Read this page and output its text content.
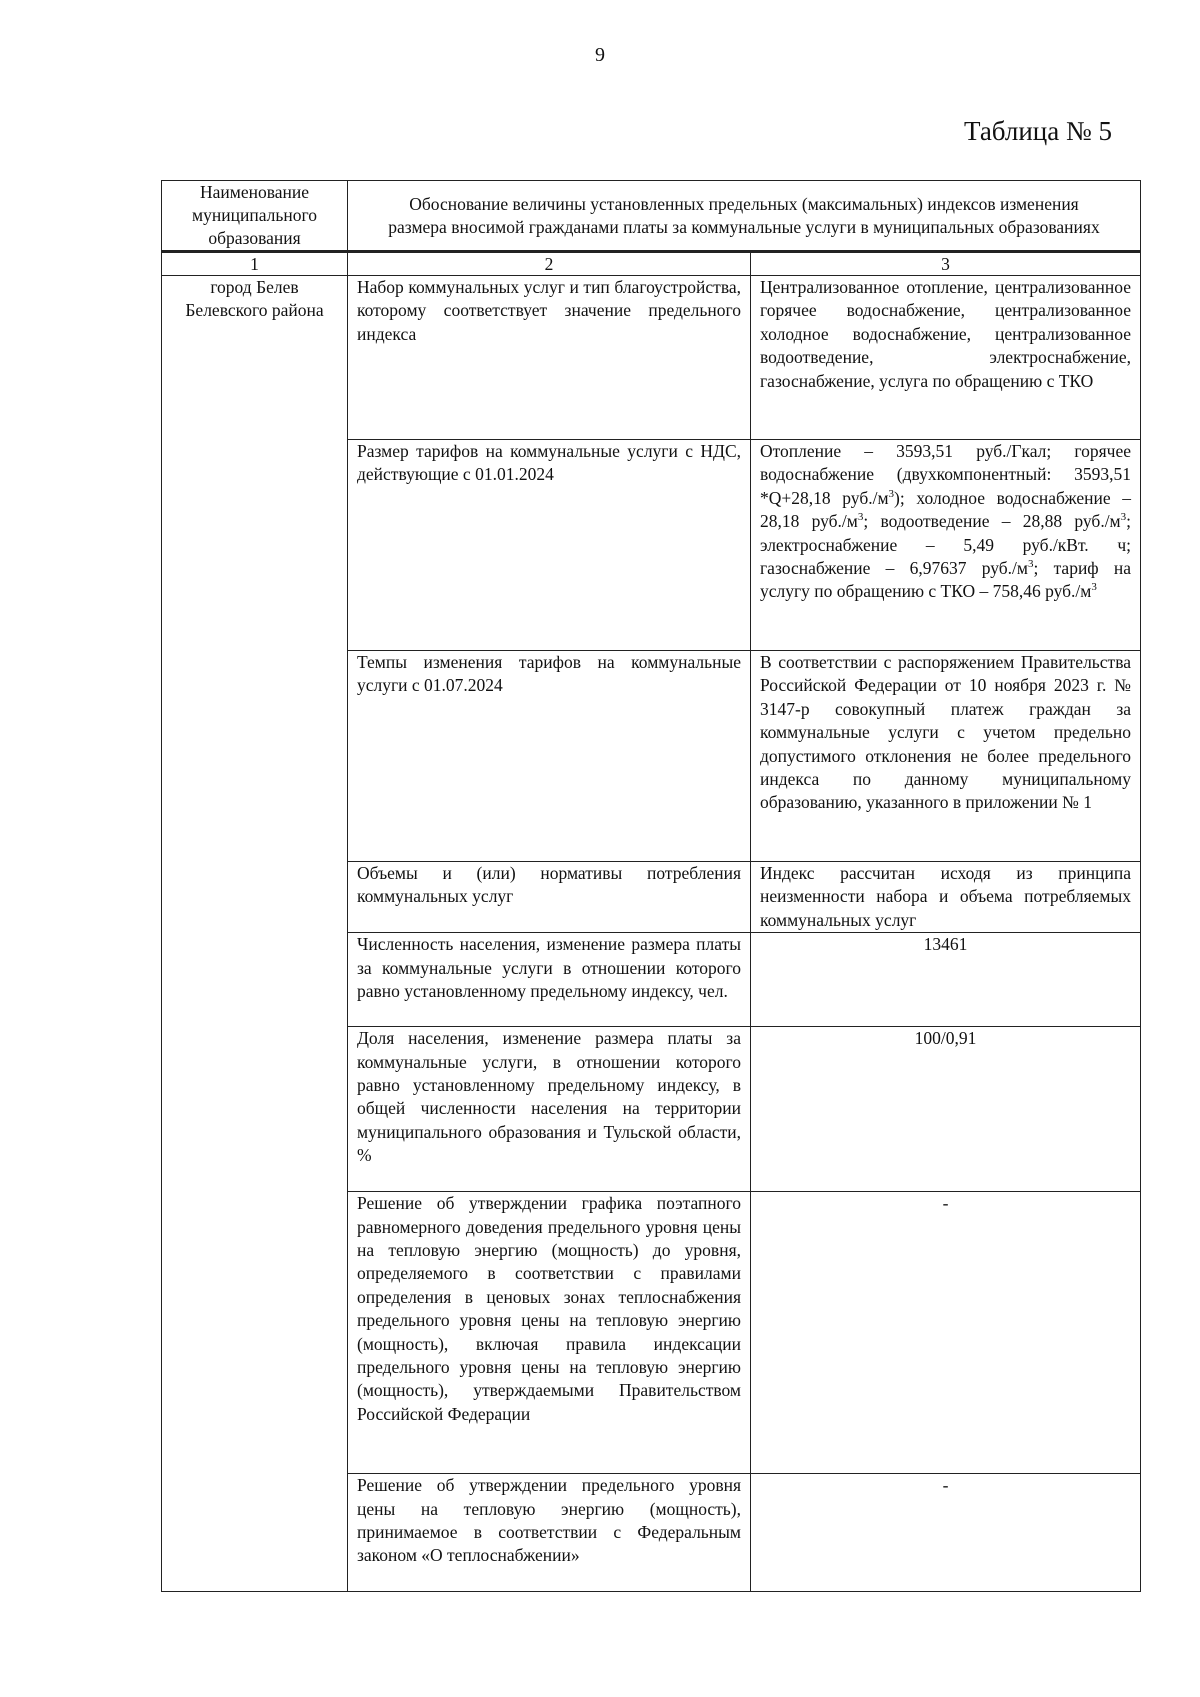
9
Таблица № 5
Наименование муниципального образования	Обоснование величины установленных предельных (максимальных) индексов изменения размера вносимой гражданами платы за коммунальные услуги в муниципальных образованиях	
1	2	3
город Белев Белевского района	Набор коммунальных услуг и тип благоустройства, которому соответствует значение предельного индекса	Централизованное отопление, централизованное горячее водоснабжение, централизованное холодное водоснабжение, централизованное водоотведение, электроснабжение, газоснабжение, услуга по обращению с ТКО
	Размер тарифов на коммунальные услуги с НДС, действующие с 01.01.2024	Отопление – 3593,51 руб./Гкал; горячее водоснабжение (двухкомпонентный: 3593,51 *Q+28,18 $руб./м^3$); холодное водоснабжение – 28,18 $руб./м^3$; водоотведение – 28,88 $руб./м^3$; электроснабжение – 5,49 руб./кВт. ч; газоснабжение – 6,97637 $руб./м^3$; тариф на услугу по обращению с ТКО – 758,46 $руб./м^3$
	Темпы изменения тарифов на коммунальные услуги с 01.07.2024	В соответствии с распоряжением Правительства Российской Федерации от 10 ноября 2023 г. № 3147-р совокупный платеж граждан за коммунальные услуги с учетом предельно допустимого отклонения не более предельного индекса по данному муниципальному образованию, указанного в приложении № 1
	Объемы и (или) нормативы потребления коммунальных услуг	Индекс рассчитан исходя из принципа неизменности набора и объема потребляемых коммунальных услуг
	Численность населения, изменение размера платы за коммунальные услуги в отношении которого равно установленному предельному индексу, чел.	13461
	Доля населения, изменение размера платы за коммунальные услуги, в отношении которого равно установленному предельному индексу, в общей численности населения на территории муниципального образования и Тульской области, %	100/0,91
	Решение об утверждении графика поэтапного равномерного доведения предельного уровня цены на тепловую энергию (мощность) до уровня, определяемого в соответствии с правилами определения в ценовых зонах теплоснабжения предельного уровня цены на тепловую энергию (мощность), включая правила индексации предельного уровня цены на тепловую энергию (мощность), утверждаемыми Правительством Российской Федерации	-
	Решение об утверждении предельного уровня цены на тепловую энергию (мощность), принимаемое в соответствии с Федеральным законом «О теплоснабжении»	-
